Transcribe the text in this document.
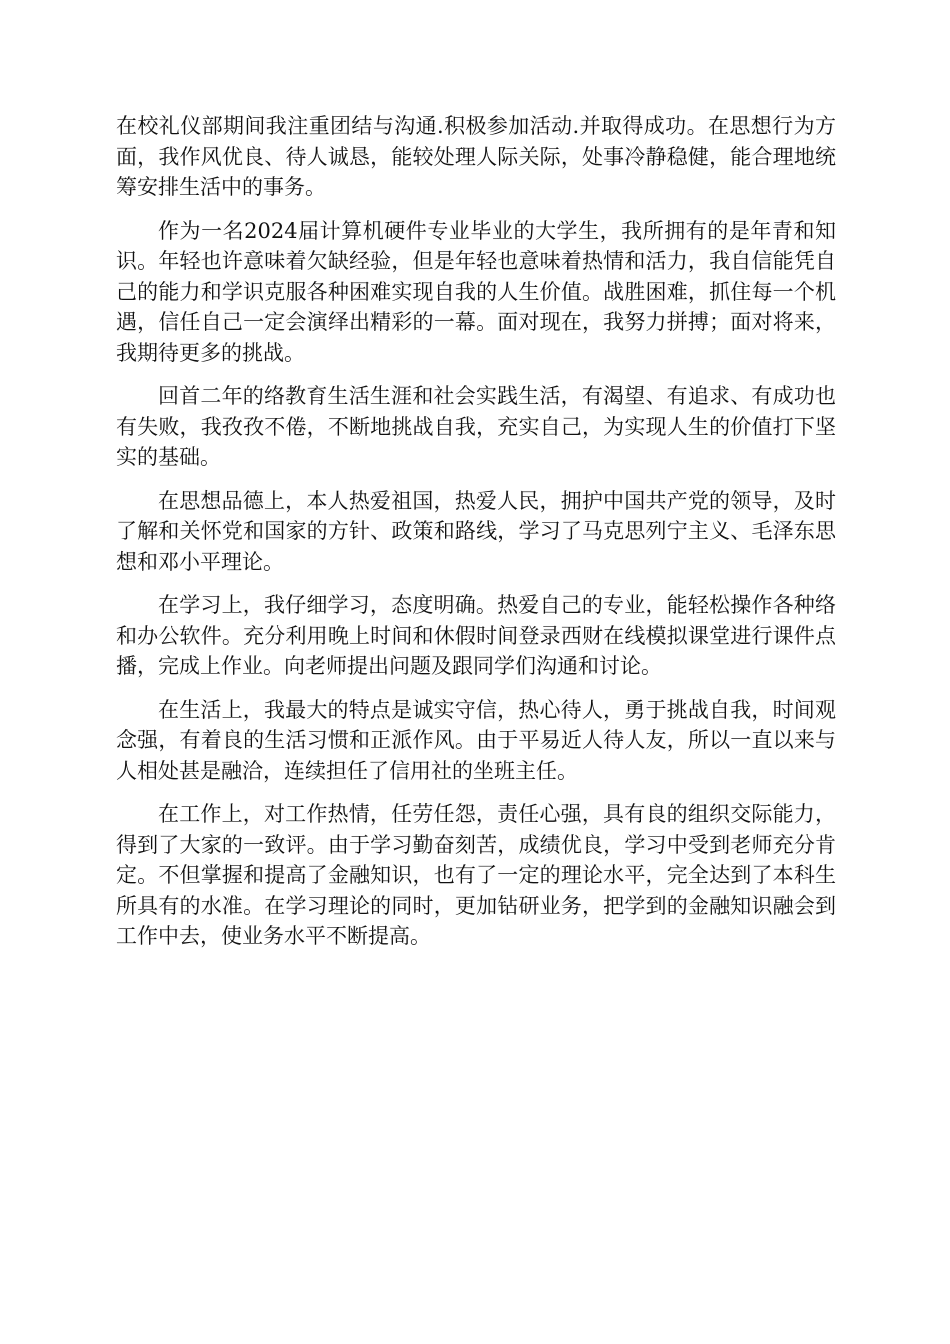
在校礼仪部期间我注重团结与沟通.积极参加活动.并取得成功。在思想行为方面，我作风优良、待人诚恳，能较处理人际关际，处事冷静稳健，能合理地统筹安排生活中的事务。

作为一名2024届计算机硬件专业毕业的大学生，我所拥有的是年青和知识。年轻也许意味着欠缺经验，但是年轻也意味着热情和活力，我自信能凭自己的能力和学识克服各种困难实现自我的人生价值。战胜困难，抓住每一个机遇，信任自己一定会演绎出精彩的一幕。面对现在，我努力拼搏；面对将来，我期待更多的挑战。

回首二年的络教育生活生涯和社会实践生活，有渴望、有追求、有成功也有失败，我孜孜不倦，不断地挑战自我，充实自己，为实现人生的价值打下坚实的基础。

在思想品德上，本人热爱祖国，热爱人民，拥护中国共产党的领导，及时了解和关怀党和国家的方针、政策和路线，学习了马克思列宁主义、毛泽东思想和邓小平理论。

在学习上，我仔细学习，态度明确。热爱自己的专业，能轻松操作各种络和办公软件。充分利用晚上时间和休假时间登录西财在线模拟课堂进行课件点播，完成上作业。向老师提出问题及跟同学们沟通和讨论。

在生活上，我最大的特点是诚实守信，热心待人，勇于挑战自我，时间观念强，有着良的生活习惯和正派作风。由于平易近人待人友，所以一直以来与人相处甚是融洽，连续担任了信用社的坐班主任。

在工作上，对工作热情，任劳任怨，责任心强，具有良的组织交际能力，得到了大家的一致评。由于学习勤奋刻苦，成绩优良，学习中受到老师充分肯定。不但掌握和提高了金融知识，也有了一定的理论水平，完全达到了本科生所具有的水准。在学习理论的同时，更加钻研业务，把学到的金融知识融会到工作中去，使业务水平不断提高。
